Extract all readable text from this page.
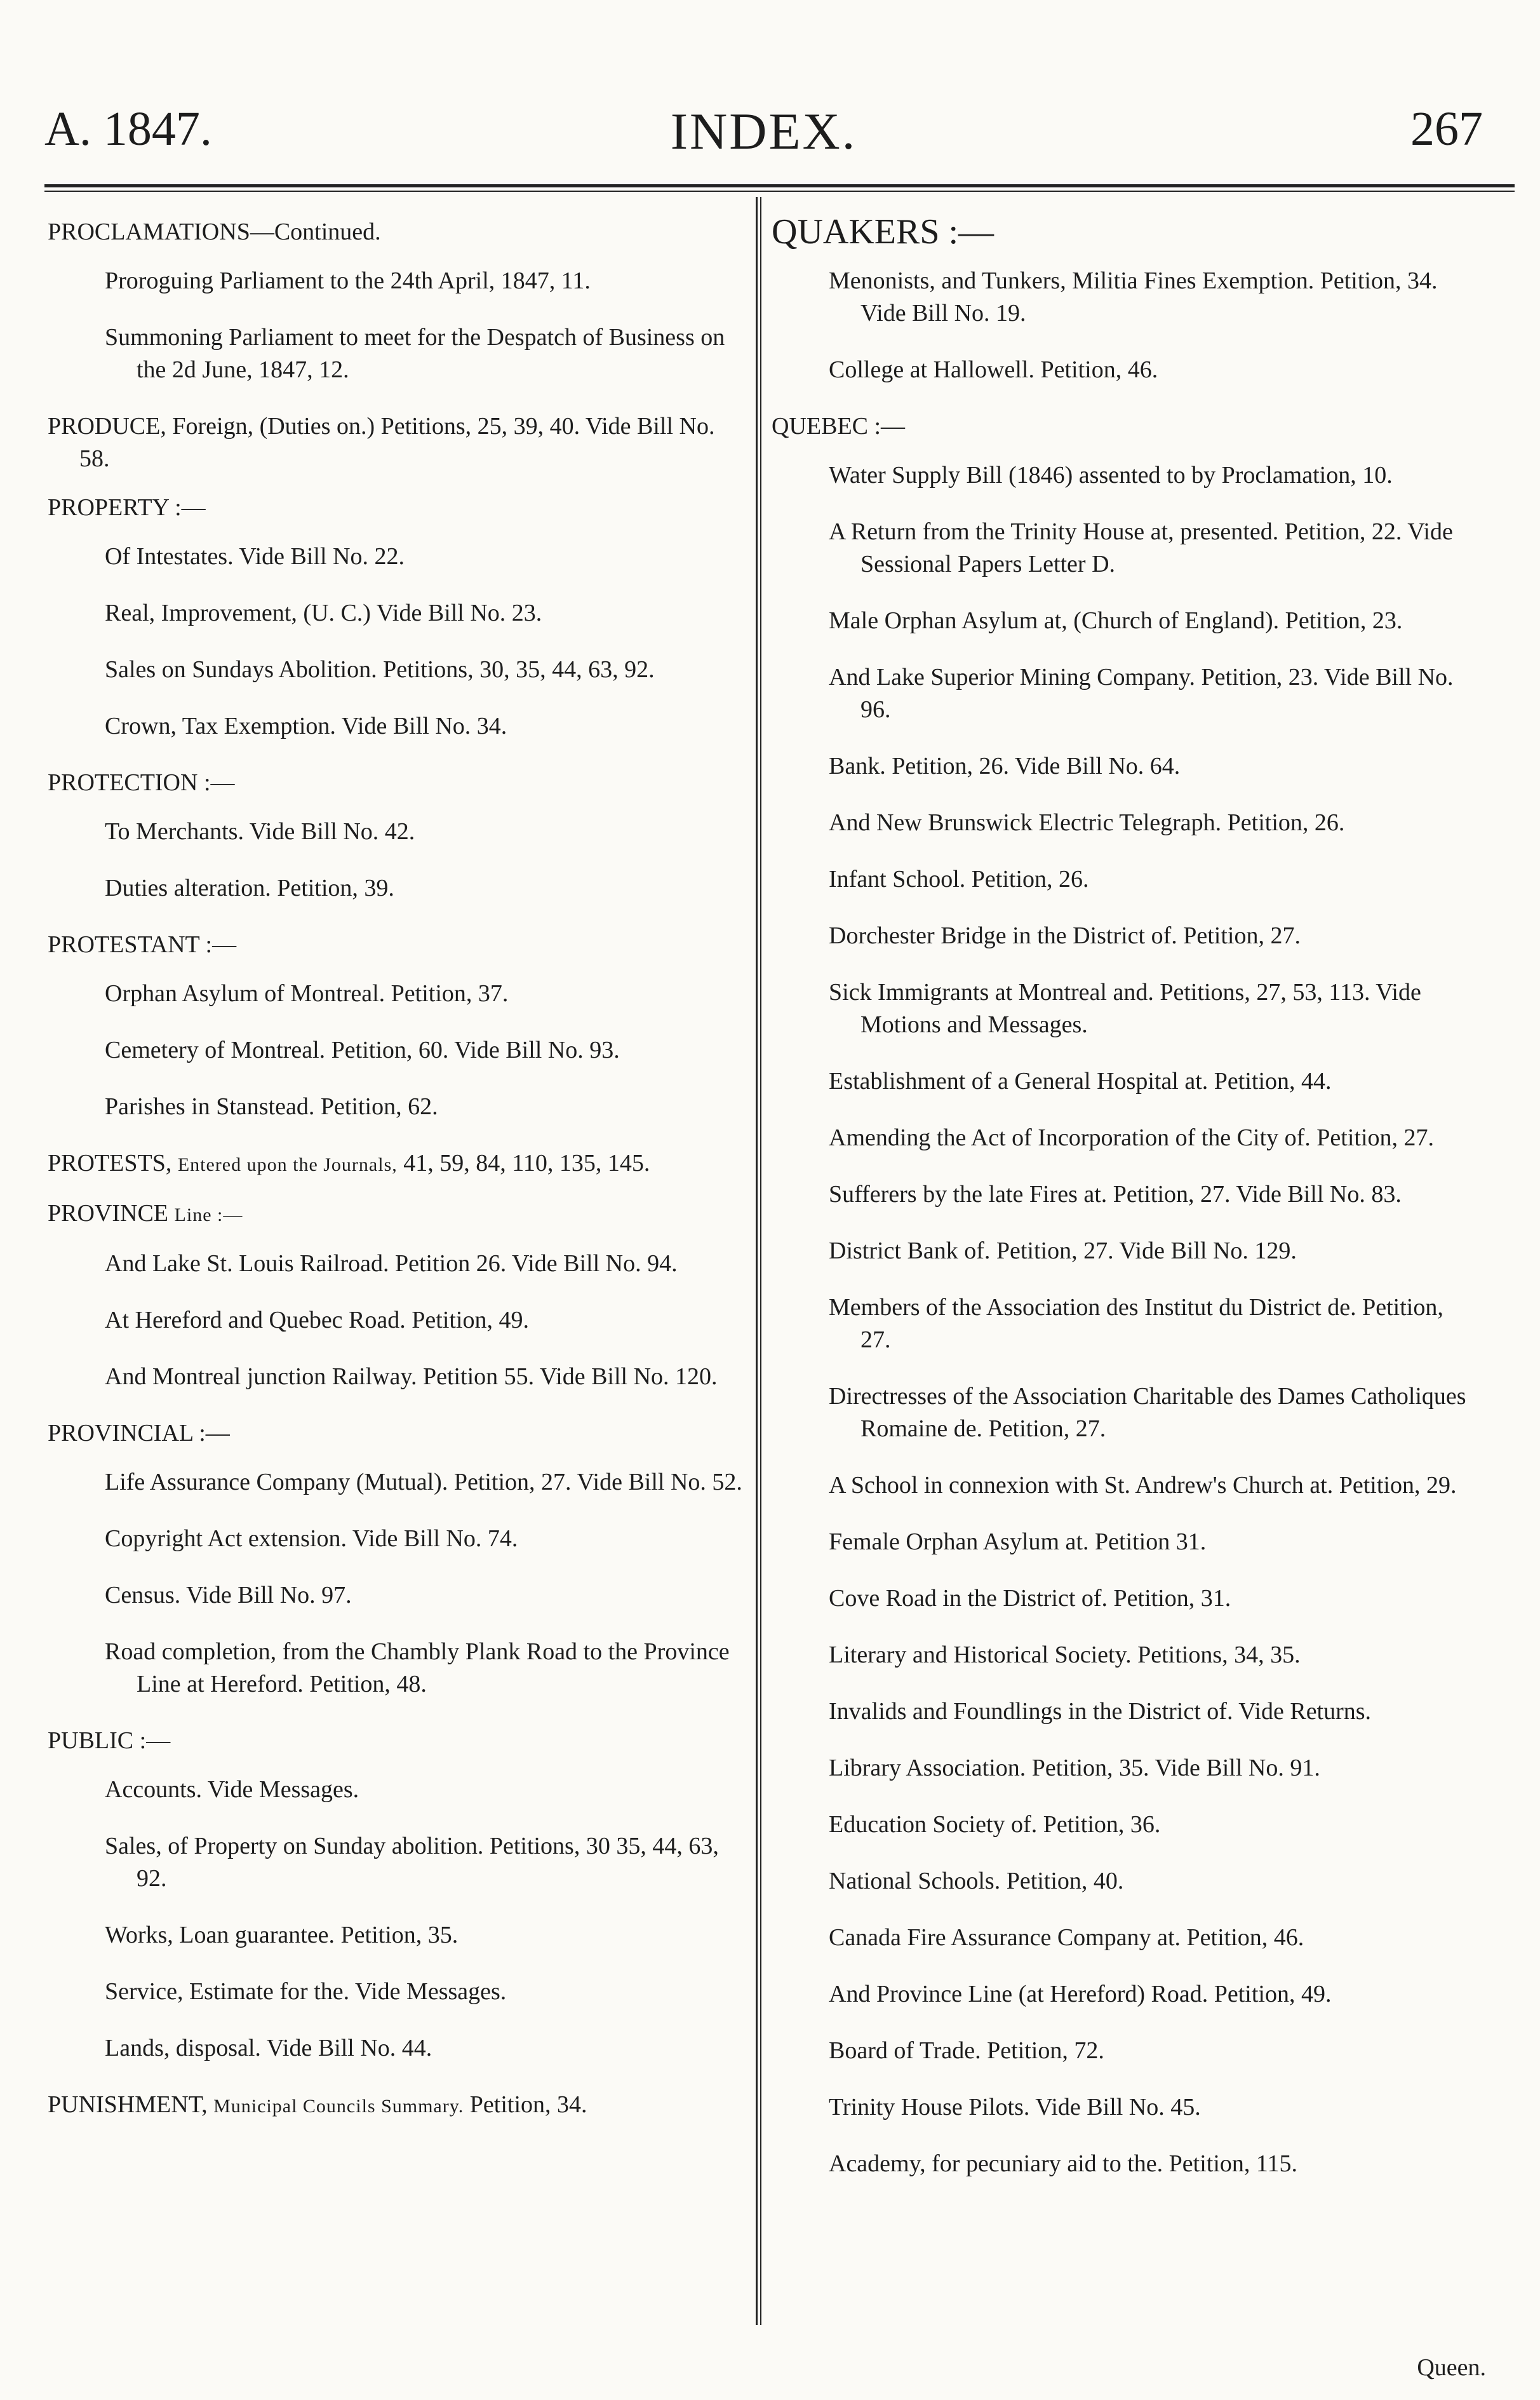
A. 1847.	INDEX.	267
PROCLAMATIONS—Continued.
Proroguing Parliament to the 24th April, 1847, 11.
Summoning Parliament to meet for the Despatch of Business on the 2d June, 1847, 12.
PRODUCE, Foreign, (Duties on.) Petitions, 25, 39, 40. Vide Bill No. 58.
PROPERTY :—
Of Intestates. Vide Bill No. 22.
Real, Improvement, (U. C.) Vide Bill No. 23.
Sales on Sundays Abolition. Petitions, 30, 35, 44, 63, 92.
Crown, Tax Exemption. Vide Bill No. 34.
PROTECTION :—
To Merchants. Vide Bill No. 42.
Duties alteration. Petition, 39.
PROTESTANT :—
Orphan Asylum of Montreal. Petition, 37.
Cemetery of Montreal. Petition, 60. Vide Bill No. 93.
Parishes in Stanstead. Petition, 62.
PROTESTS, Entered upon the Journals, 41, 59, 84, 110, 135, 145.
PROVINCE Line :—
And Lake St. Louis Railroad. Petition 26. Vide Bill No. 94.
At Hereford and Quebec Road. Petition, 49.
And Montreal junction Railway. Petition 55. Vide Bill No. 120.
PROVINCIAL :—
Life Assurance Company (Mutual). Petition, 27. Vide Bill No. 52.
Copyright Act extension. Vide Bill No. 74.
Census. Vide Bill No. 97.
Road completion, from the Chambly Plank Road to the Province Line at Hereford. Petition, 48.
PUBLIC :—
Accounts. Vide Messages.
Sales, of Property on Sunday abolition. Petitions, 30 35, 44, 63, 92.
Works, Loan guarantee. Petition, 35.
Service, Estimate for the. Vide Messages.
Lands, disposal. Vide Bill No. 44.
PUNISHMENT, Municipal Councils Summary. Petition, 34.
QUAKERS :—
Menonists, and Tunkers, Militia Fines Exemption. Petition, 34. Vide Bill No. 19.
College at Hallowell. Petition, 46.
QUEBEC :—
Water Supply Bill (1846) assented to by Proclamation, 10.
A Return from the Trinity House at, presented. Petition, 22. Vide Sessional Papers Letter D.
Male Orphan Asylum at, (Church of England). Petition, 23.
And Lake Superior Mining Company. Petition, 23. Vide Bill No. 96.
Bank. Petition, 26. Vide Bill No. 64.
And New Brunswick Electric Telegraph. Petition, 26.
Infant School. Petition, 26.
Dorchester Bridge in the District of. Petition, 27.
Sick Immigrants at Montreal and. Petitions, 27, 53, 113. Vide Motions and Messages.
Establishment of a General Hospital at. Petition, 44.
Amending the Act of Incorporation of the City of. Petition, 27.
Sufferers by the late Fires at. Petition, 27. Vide Bill No. 83.
District Bank of. Petition, 27. Vide Bill No. 129.
Members of the Association des Institut du District de. Petition, 27.
Directresses of the Association Charitable des Dames Catholiques Romaine de. Petition, 27.
A School in connexion with St. Andrew's Church at. Petition, 29.
Female Orphan Asylum at. Petition 31.
Cove Road in the District of. Petition, 31.
Literary and Historical Society. Petitions, 34, 35.
Invalids and Foundlings in the District of. Vide Returns.
Library Association. Petition, 35. Vide Bill No. 91.
Education Society of. Petition, 36.
National Schools. Petition, 40.
Canada Fire Assurance Company at. Petition, 46.
And Province Line (at Hereford) Road. Petition, 49.
Board of Trade. Petition, 72.
Trinity House Pilots. Vide Bill No. 45.
Academy, for pecuniary aid to the. Petition, 115.
Queen.
